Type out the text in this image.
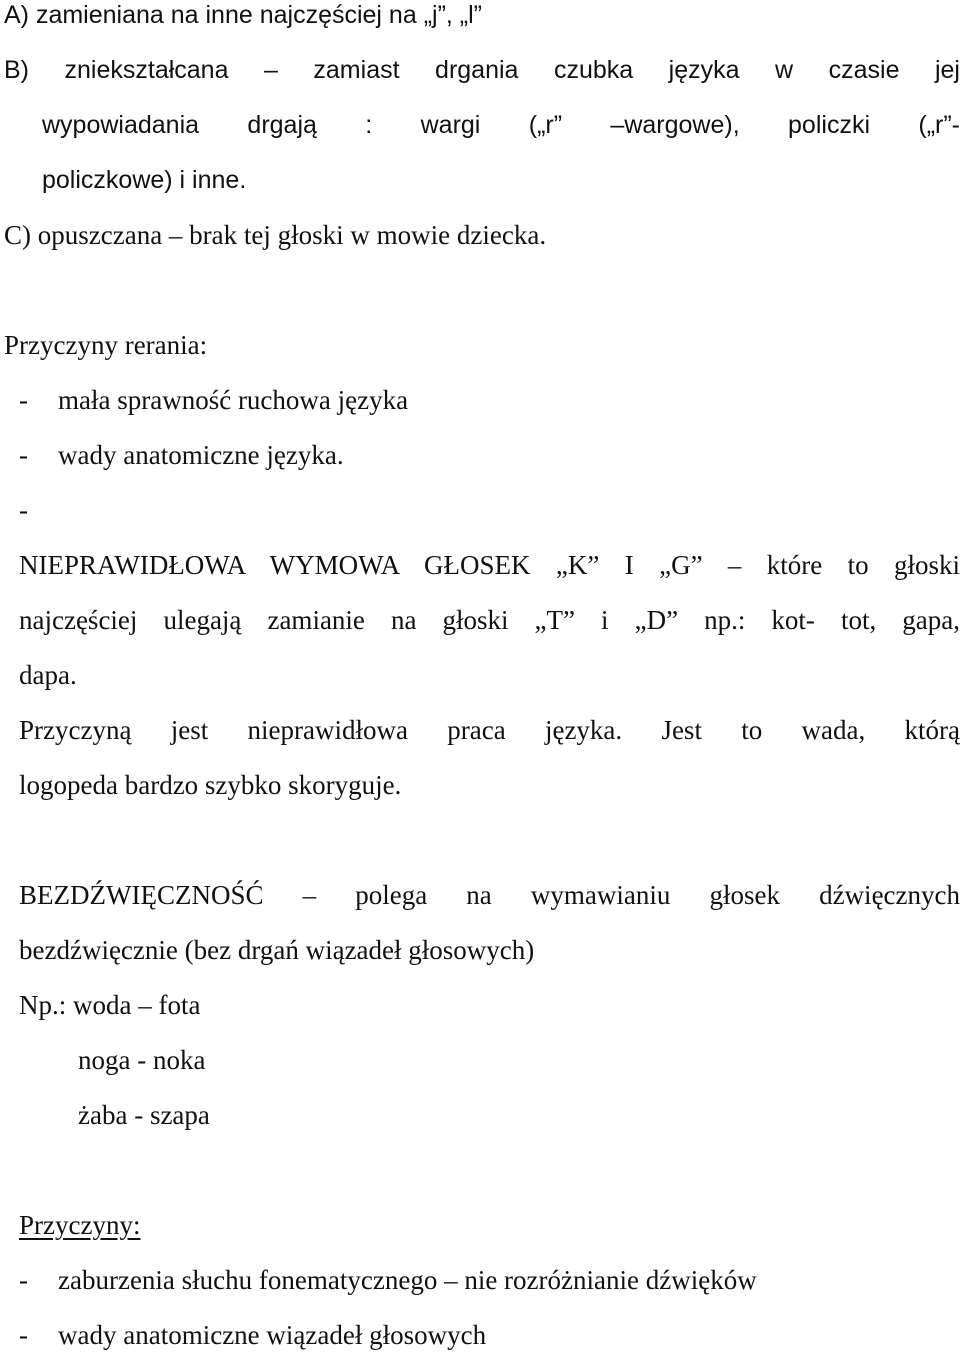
A) zamieniana na inne najczęściej na „j”, „l”
B) zniekształcana – zamiast drgania czubka języka w czasie jej
wypowiadania drgają : wargi („r” –wargowe), policzki („r”-
policzkowe) i inne.
C) opuszczana – brak tej głoski w mowie dziecka.
Przyczyny rerania:
- mała sprawność ruchowa języka
- wady anatomiczne języka.
-
NIEPRAWIDŁOWA WYMOWA GŁOSEK „K” I „G” – które to głoski
najczęściej ulegają zamianie na głoski „T” i „D” np.: kot- tot, gapa,
dapa.
Przyczyną jest nieprawidłowa praca języka. Jest to wada, którą
logopeda bardzo szybko skoryguje.
BEZDŹWIĘCZNOŚĆ – polega na wymawianiu głosek dźwięcznych
bezdźwięcznie (bez drgań wiązadeł głosowych)
Np.: woda – fota
noga - noka
żaba - szapa
Przyczyny:
- zaburzenia słuchu fonematycznego – nie rozróżnianie dźwięków
- wady anatomiczne wiązadeł głosowych
